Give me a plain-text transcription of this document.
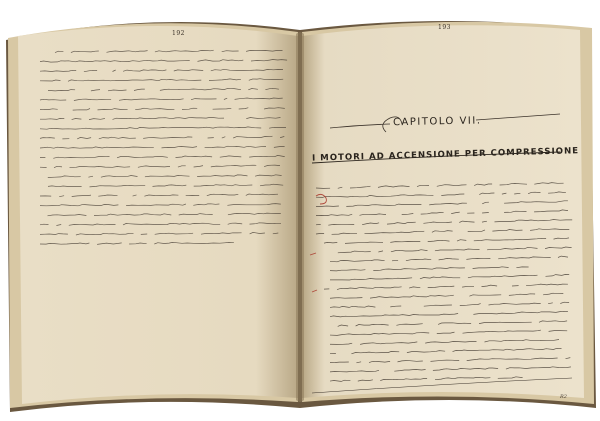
192
193
CAPITOLO VII.
I MOTORI AD ACCENSIONE PER COMPRESSIONE
R2
